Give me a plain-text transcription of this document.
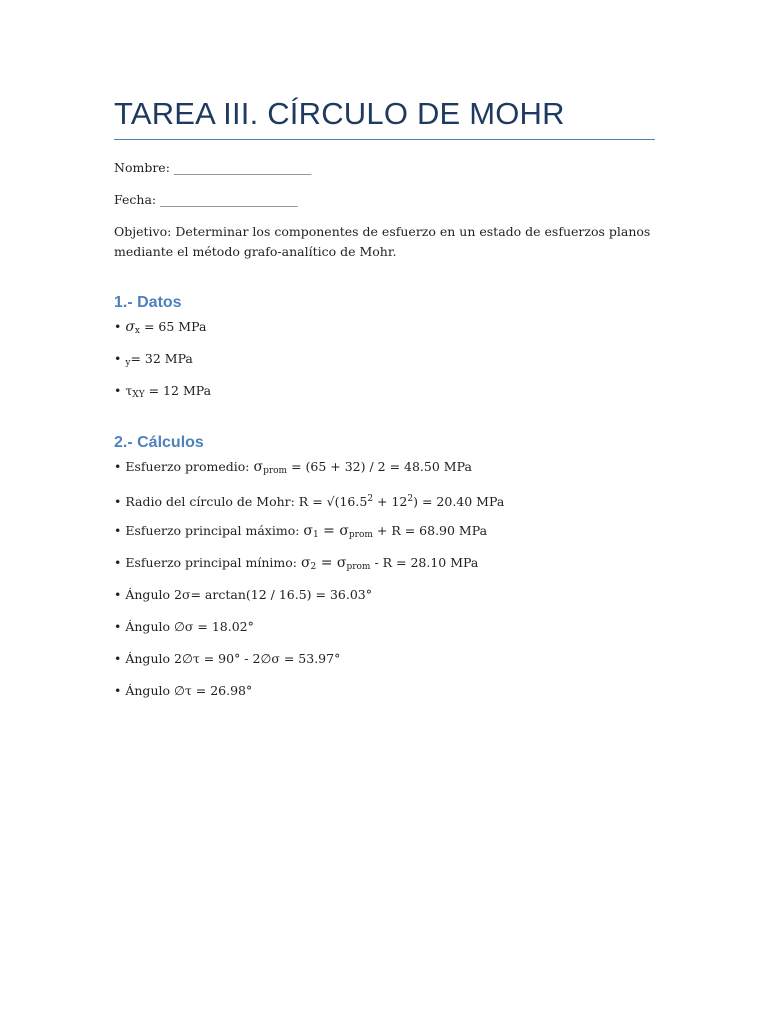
TAREA III. CÍRCULO DE MOHR
Nombre: ______________________
Fecha: ______________________
Objetivo: Determinar los componentes de esfuerzo en un estado de esfuerzos planos
mediante el método grafo-analítico de Mohr.
1.- Datos
• $\sigma_x = 65$ MPa
• $_y$= 32 MPa
• $\tau_{XY} = 12$ MPa
2.- Cálculos
• Esfuerzo promedio: $\sigma_{prom} = (65 + 32) / 2 = 48.50$ MPa
• Radio del círculo de Mohr: $R = √(16.5^2 + 12^2) = 20.40$ MPa
• Esfuerzo principal máximo: $\sigma_1 = \sigma_{prom} + R = 68.90$ MPa
• Esfuerzo principal mínimo: $\sigma_2 = \sigma_{prom} - R = 28.10$ MPa
• Ángulo 2σ= arctan(12 / 16.5) = 36.03°
• Ángulo ∅σ = 18.02°
• Ángulo 2∅τ = 90° - 2∅σ = 53.97°
• Ángulo ∅τ = 26.98°
